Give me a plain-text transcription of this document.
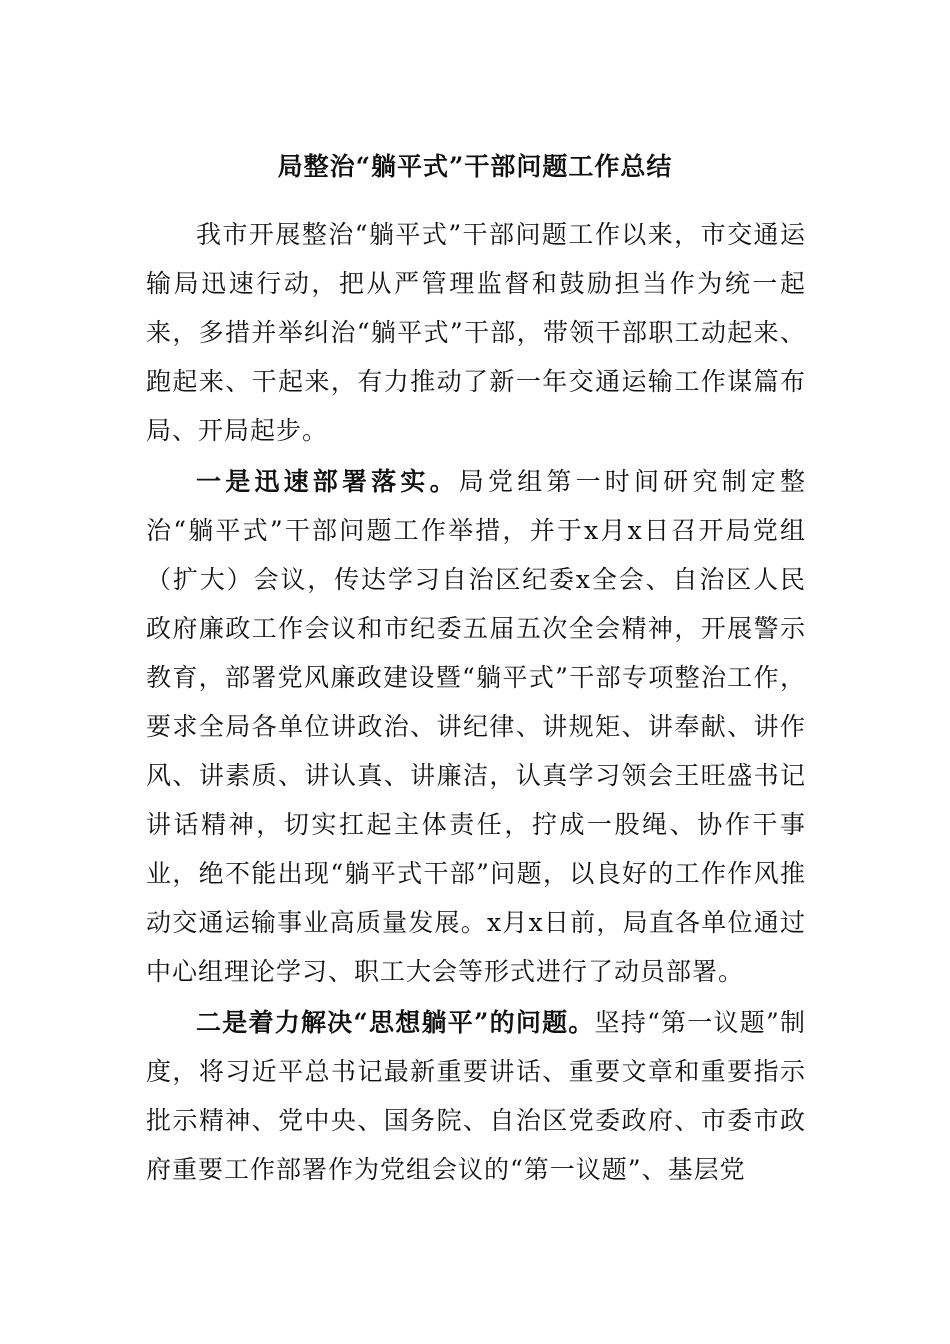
局整治“躺平式”干部问题工作总结

我市开展整治“躺平式”干部问题工作以来，市交通运输局迅速行动，把从严管理监督和鼓励担当作为统一起来，多措并举纠治“躺平式”干部，带领干部职工动起来、跑起来、干起来，有力推动了新一年交通运输工作谋篇布局、开局起步。

一是迅速部署落实。局党组第一时间研究制定整治“躺平式”干部问题工作举措，并于x月x日召开局党组（扩大）会议，传达学习自治区纪委x全会、自治区人民政府廉政工作会议和市纪委五届五次全会精神，开展警示教育，部署党风廉政建设暨“躺平式”干部专项整治工作，要求全局各单位讲政治、讲纪律、讲规矩、讲奉献、讲作风、讲素质、讲认真、讲廉洁，认真学习领会王旺盛书记讲话精神，切实扛起主体责任，拧成一股绳、协作干事业，绝不能出现“躺平式干部”问题，以良好的工作作风推动交通运输事业高质量发展。x月x日前，局直各单位通过中心组理论学习、职工大会等形式进行了动员部署。

二是着力解决“思想躺平”的问题。坚持“第一议题”制度，将习近平总书记最新重要讲话、重要文章和重要指示批示精神、党中央、国务院、自治区党委政府、市委市政府重要工作部署作为党组会议的“第一议题”、基层党
